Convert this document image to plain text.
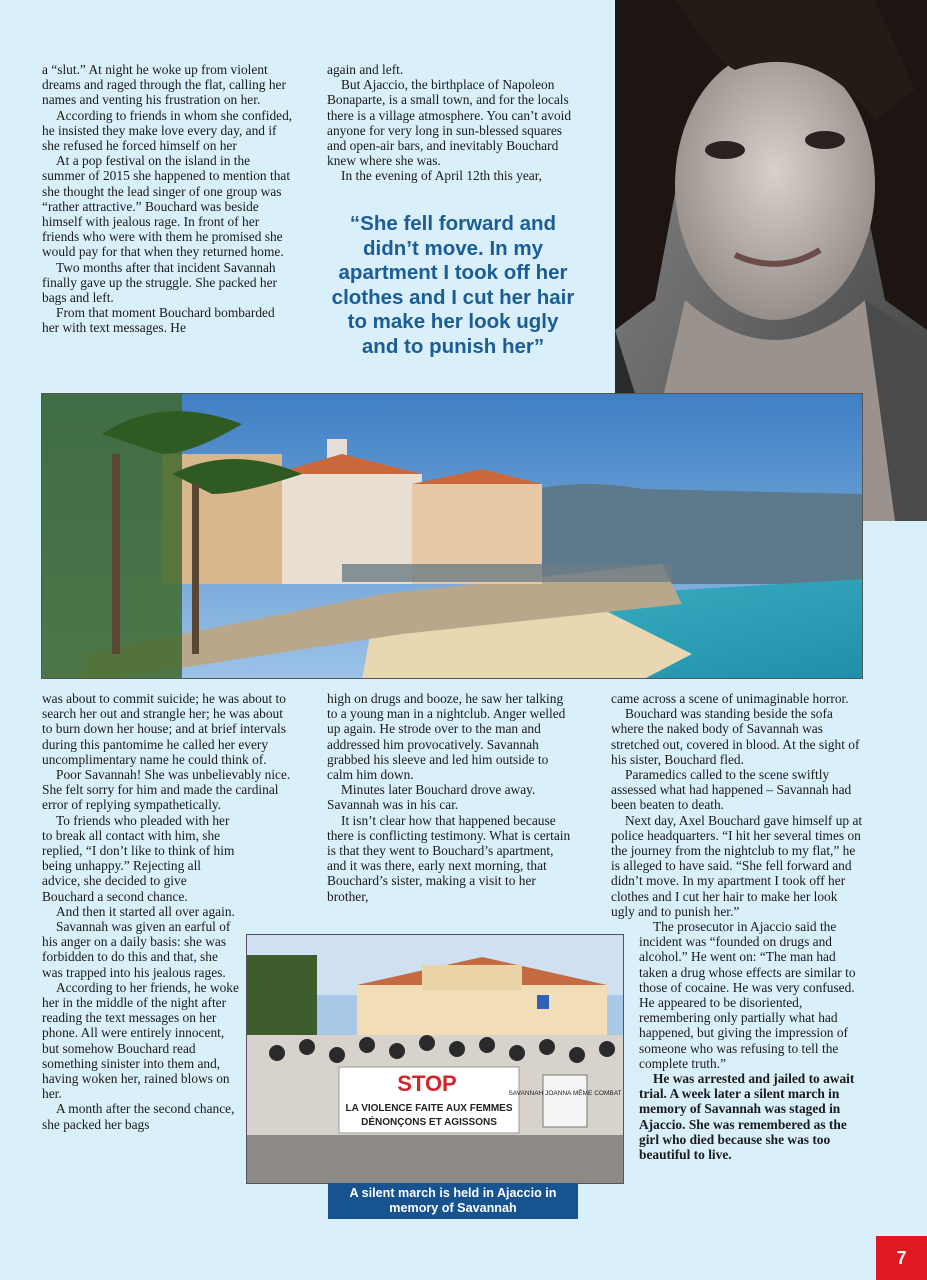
a “slut.” At night he woke up from violent dreams and raged through the flat, calling her names and venting his frustration on her.

According to friends in whom she confided, he insisted they make love every day, and if she refused he forced himself on her

At a pop festival on the island in the summer of 2015 she happened to mention that she thought the lead singer of one group was “rather attractive.” Bouchard was beside himself with jealous rage. In front of her friends who were with them he promised she would pay for that when they returned home.

Two months after that incident Savannah finally gave up the struggle. She packed her bags and left.

From that moment Bouchard bombarded her with text messages. He

again and left.

But Ajaccio, the birthplace of Napoleon Bonaparte, is a small town, and for the locals there is a village atmosphere. You can’t avoid anyone for very long in sun-blessed squares and open-air bars, and inevitably Bouchard knew where she was.

In the evening of April 12th this year,

“She fell forward and didn’t move. In my apartment I took off her clothes and I cut her hair to make her look ugly and to punish her”

was about to commit suicide; he was about to search her out and strangle her; he was about to burn down her house; and at brief intervals during this pantomime he called her every uncomplimentary name he could think of.

Poor Savannah! She was unbelievably nice. She felt sorry for him and made the cardinal error of replying sympathetically.

To friends who pleaded with her to break all contact with him, she replied, “I don’t like to think of him being unhappy.” Rejecting all advice, she decided to give Bouchard a second chance.

And then it started all over again.

Savannah was given an earful of his anger on a daily basis: she was forbidden to do this and that, she was trapped into his jealous rages.

According to her friends, he woke her in the middle of the night after reading the text messages on her phone. All were entirely innocent, but somehow Bouchard read something sinister into them and, having woken her, rained blows on her.

A month after the second chance, she packed her bags

high on drugs and booze, he saw her talking to a young man in a nightclub. Anger welled up again. He strode over to the man and addressed him provocatively. Savannah grabbed his sleeve and led him outside to calm him down.

Minutes later Bouchard drove away. Savannah was in his car.

It isn’t clear how that happened because there is conflicting testimony. What is certain is that they went to Bouchard’s apartment, and it was there, early next morning, that Bouchard’s sister, making a visit to her brother,

STOP
LA VIOLENCE FAITE AUX FEMMES
DÉNONÇONS ET AGISSONS
SAVANNAH JOANNA MÊME COMBAT
A silent march is held in Ajaccio in memory of Savannah

came across a scene of unimaginable horror.

Bouchard was standing beside the sofa where the naked body of Savannah was stretched out, covered in blood. At the sight of his sister, Bouchard fled.

Paramedics called to the scene swiftly assessed what had happened – Savannah had been beaten to death.

Next day, Axel Bouchard gave himself up at police headquarters. “I hit her several times on the journey from the nightclub to my flat,” he is alleged to have said. “She fell forward and didn’t move. In my apartment I took off her clothes and I cut her hair to make her look ugly and to punish her.”

The prosecutor in Ajaccio said the incident was “founded on drugs and alcohol.” He went on: “The man had taken a drug whose effects are similar to those of cocaine. He was very confused. He appeared to be disoriented, remembering only partially what had happened, but giving the impression of someone who was refusing to tell the complete truth.”

He was arrested and jailed to await trial. A week later a silent march in memory of Savannah was staged in Ajaccio. She was remembered as the girl who died because she was too beautiful to live.

7
